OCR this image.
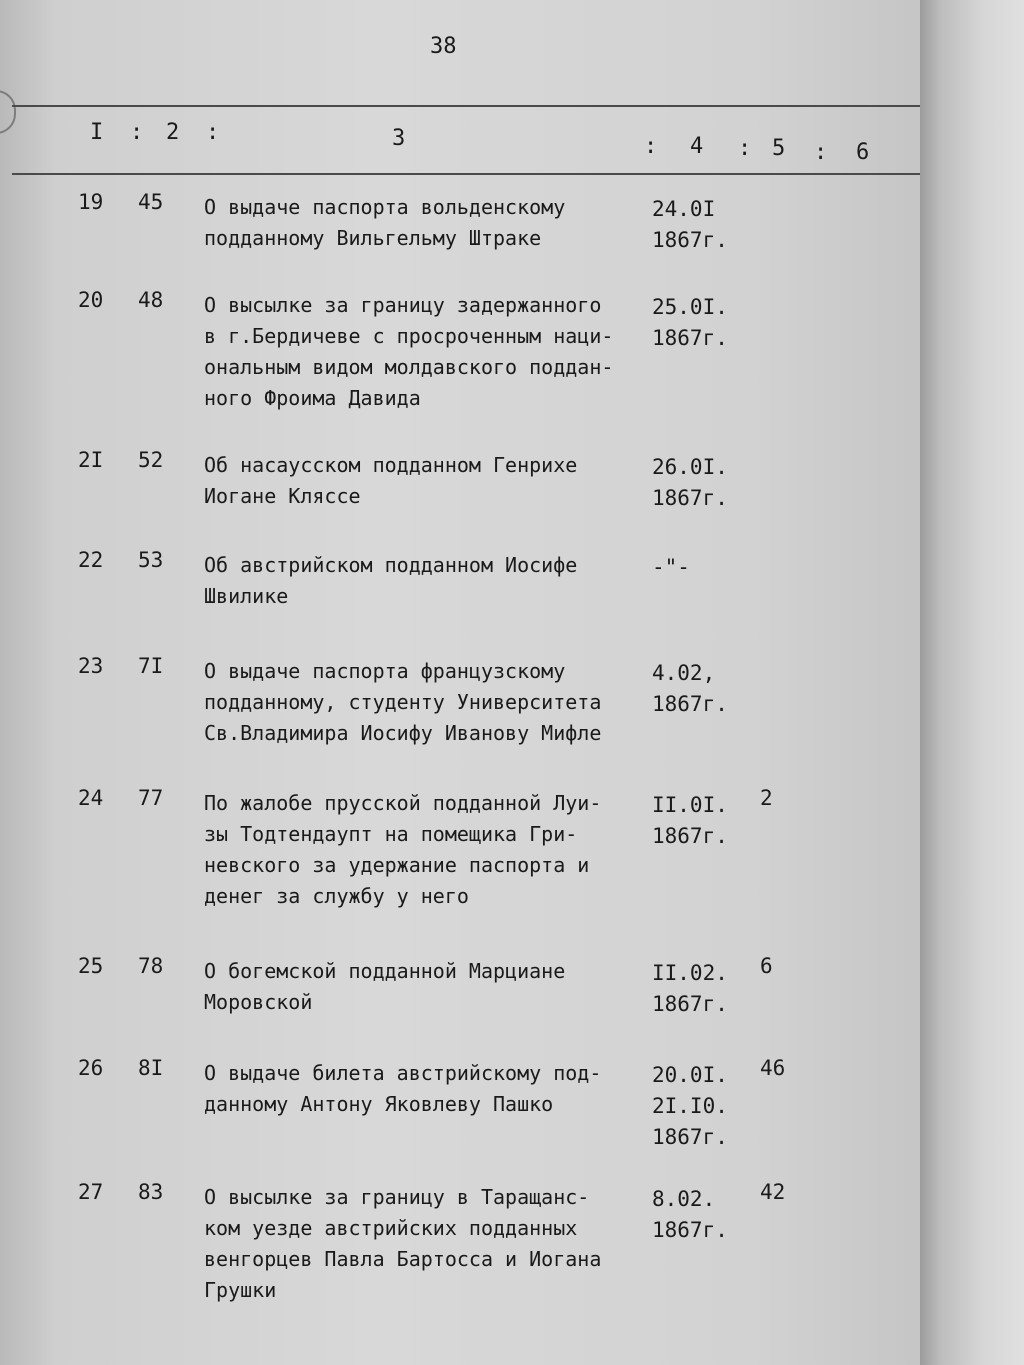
38
I : 2 :	3	: 4 : 5 : 6
19 45 О выдаче паспорта вольденскому
подданному Вильгельму Штраке
24.0I
1867г.
20 48 О высылке за границу задержанного
в г.Бердичеве с просроченным наци-
ональным видом молдавского поддан-
ного Фроима Давида
25.0I.
1867г.
2I 52 Об насаусском подданном Генрихе
Иогане Кляссе
26.0I.
1867г.
22 53 Об австрийском подданном Иосифе
Швилике
-"-
23 7I О выдаче паспорта французскому
подданному, студенту Университета
Св.Владимира Иосифу Иванову Мифле
4.02,
1867г.
24 77 По жалобе прусской подданной Луи-
зы Тодтендаупт на помещика Гри-
невского за удержание паспорта и
денег за службу у него
II.0I.
1867г.
2
25 78 О богемской подданной Марциане
Моровской
II.02.
1867г.
6
26 8I О выдаче билета австрийскому под-
данному Антону Яковлеву Пашко
20.0I.
2I.I0.
1867г.
46
27 83 О высылке за границу в Таращанс-
ком уезде австрийских подданных
венгорцев Павла Бартосса и Иогана
Грушки
8.02.
1867г.
42
